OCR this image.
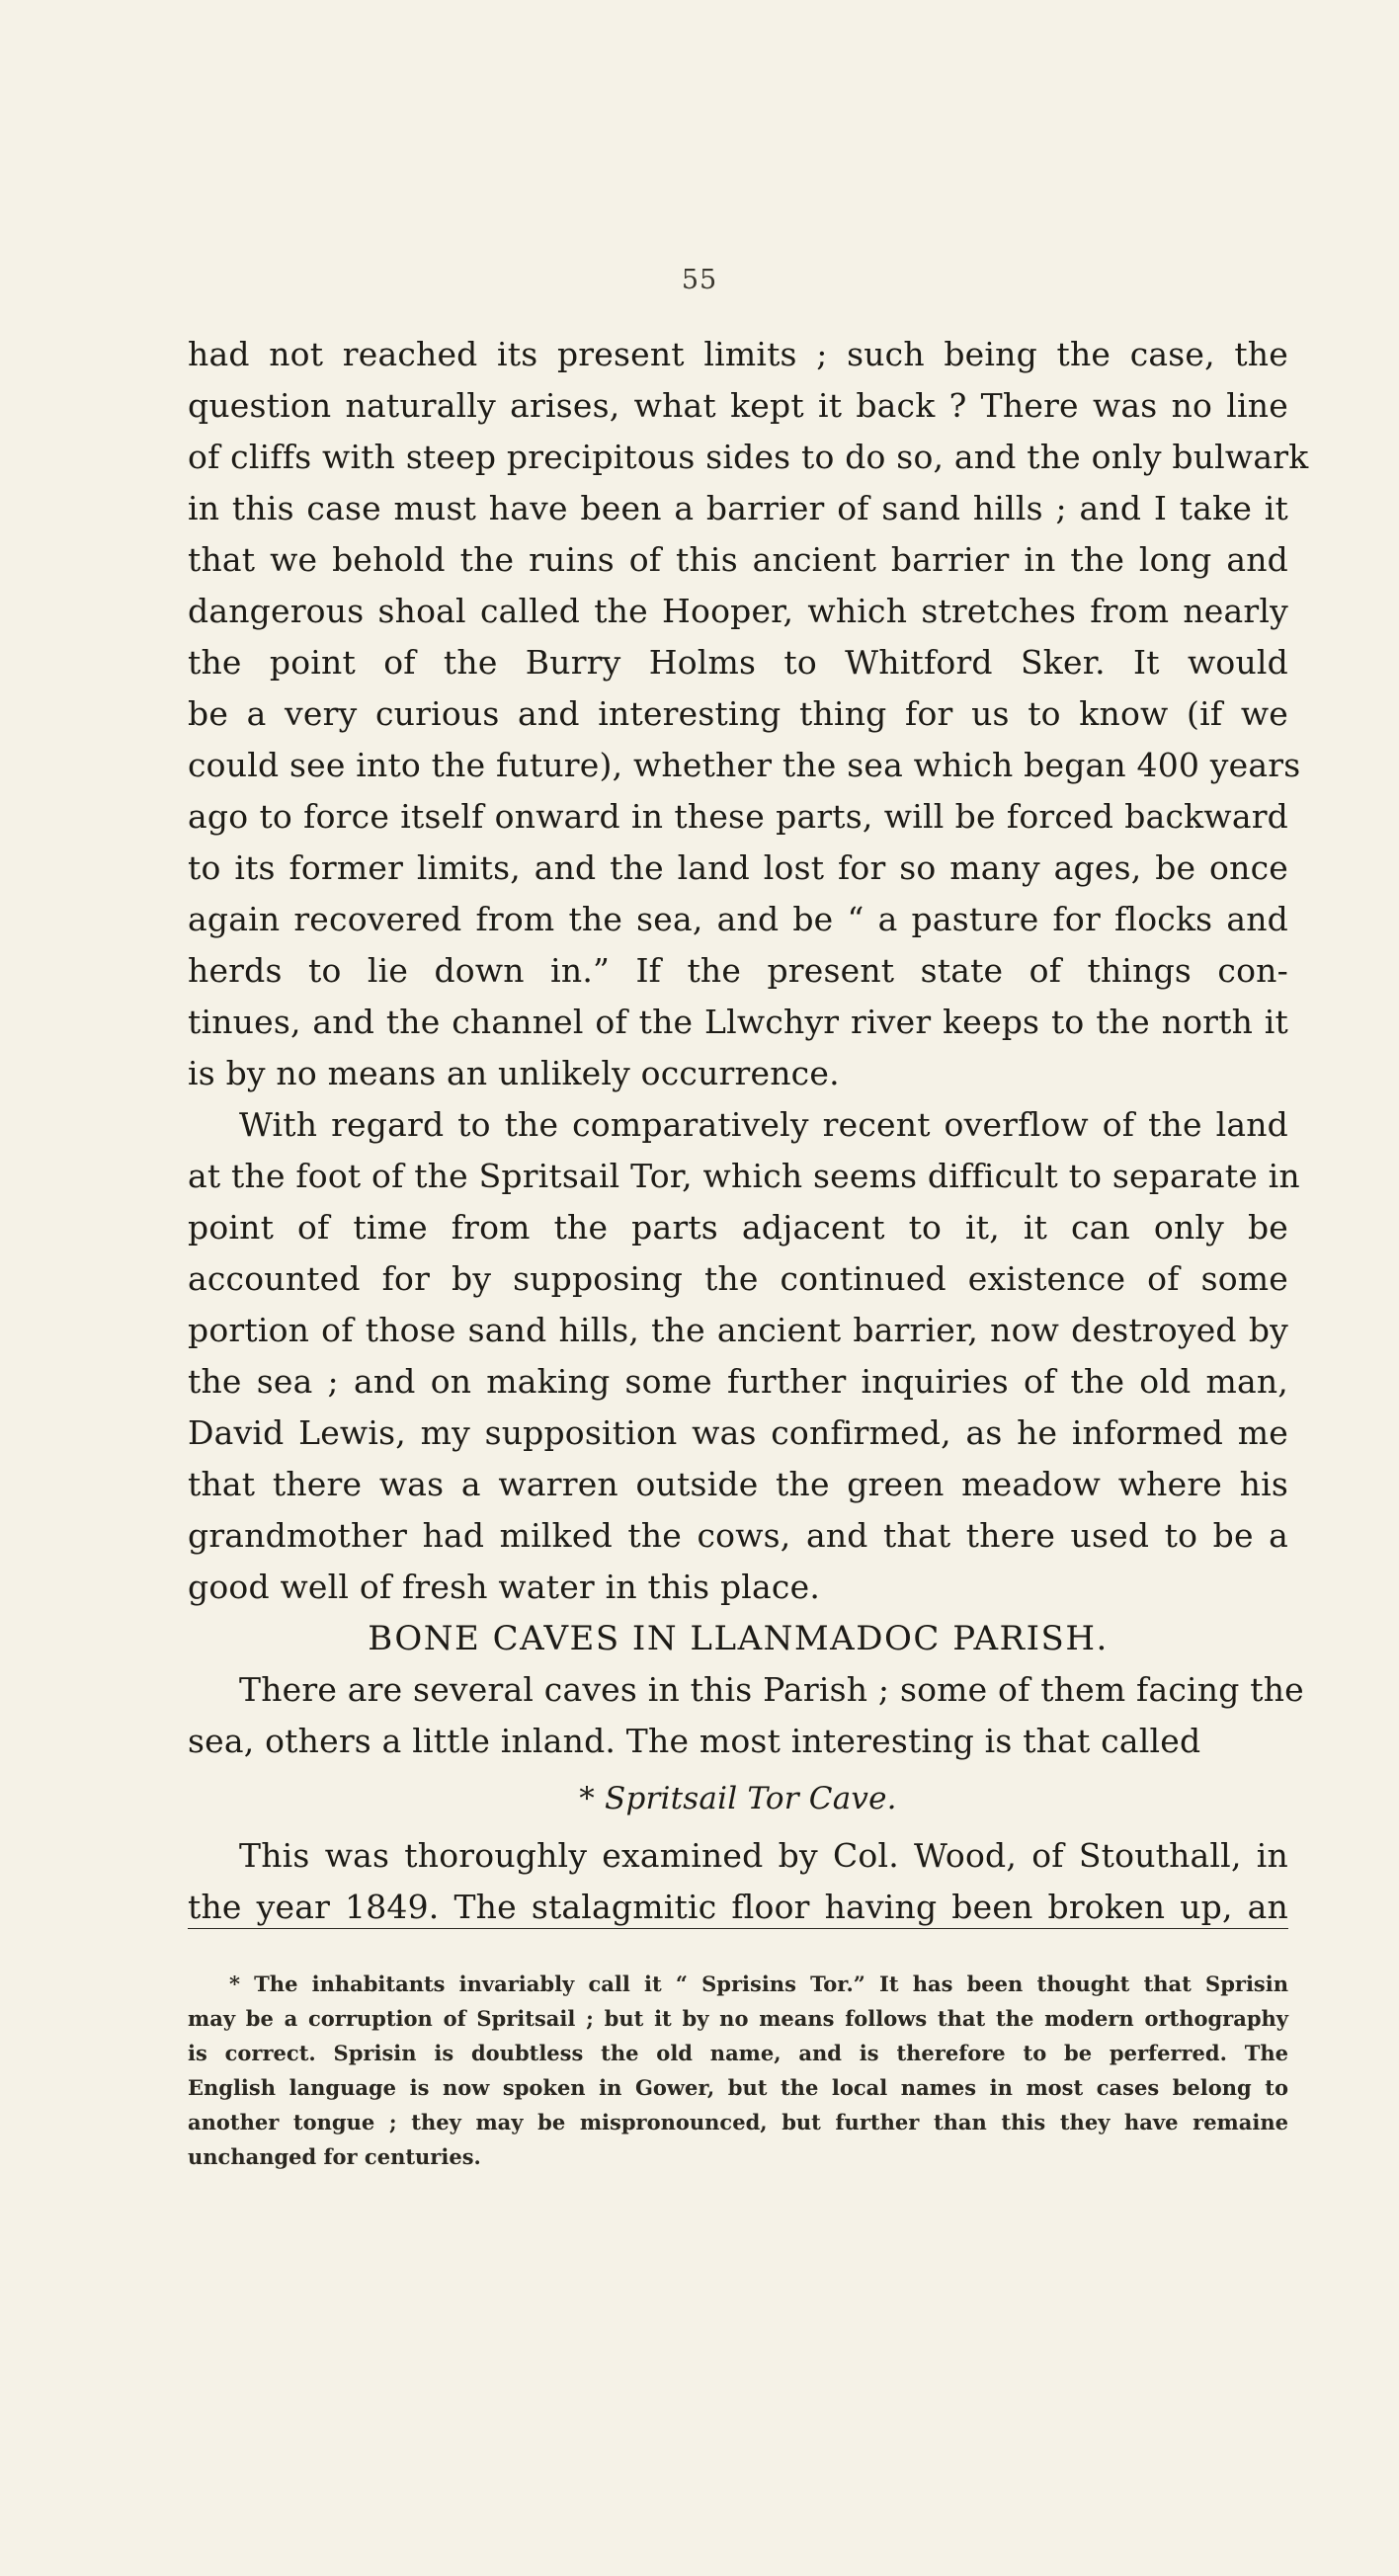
55
had not reached its present limits ; such being the case, the
question naturally arises, what kept it back ? There was no line
of cliffs with steep precipitous sides to do so, and the only bulwark
in this case must have been a barrier of sand hills ; and I take it
that we behold the ruins of this ancient barrier in the long and
dangerous shoal called the Hooper, which stretches from nearly
the point of the Burry Holms to Whitford Sker. It would
be a very curious and interesting thing for us to know (if we
could see into the future), whether the sea which began 400 years
ago to force itself onward in these parts, will be forced backward
to its former limits, and the land lost for so many ages, be once
again recovered from the sea, and be “ a pasture for flocks and
herds to lie down in.” If the present state of things con-
tinues, and the channel of the Llwchyr river keeps to the north it
is by no means an unlikely occurrence.
With regard to the comparatively recent overflow of the land
at the foot of the Spritsail Tor, which seems difficult to separate in
point of time from the parts adjacent to it, it can only be
accounted for by supposing the continued existence of some
portion of those sand hills, the ancient barrier, now destroyed by
the sea ; and on making some further inquiries of the old man,
David Lewis, my supposition was confirmed, as he informed me
that there was a warren outside the green meadow where his
grandmother had milked the cows, and that there used to be a
good well of fresh water in this place.
BONE CAVES IN LLANMADOC PARISH.
There are several caves in this Parish ; some of them facing the
sea, others a little inland. The most interesting is that called
* Spritsail Tor Cave.
This was thoroughly examined by Col. Wood, of Stouthall, in
the year 1849. The stalagmitic floor having been broken up, an
* The inhabitants invariably call it “ Sprisins Tor.” It has been thought that Sprisin
may be a corruption of Spritsail ; but it by no means follows that the modern orthography
is correct. Sprisin is doubtless the old name, and is therefore to be perferred. The
English language is now spoken in Gower, but the local names in most cases belong to
another tongue ; they may be mispronounced, but further than this they have remaine
unchanged for centuries.
